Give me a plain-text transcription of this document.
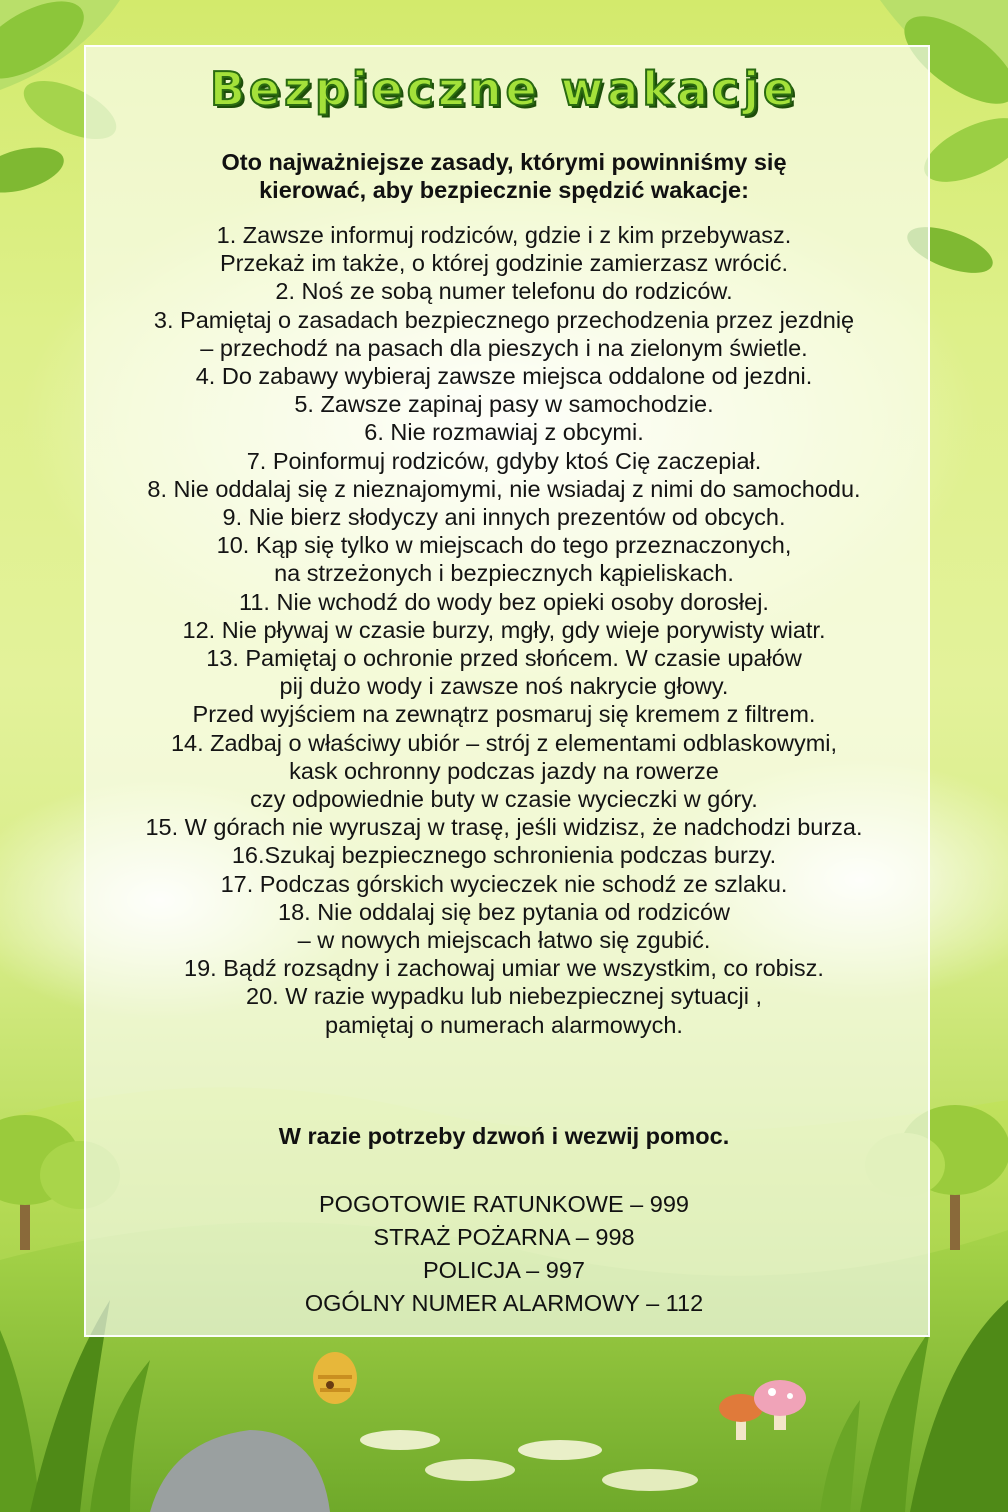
Bezpieczne wakacje
Oto najważniejsze zasady, którymi powinniśmy się
kierować, aby bezpiecznie spędzić wakacje:
1. Zawsze informuj rodziców, gdzie i z kim przebywasz.
Przekaż im także, o której godzinie zamierzasz wrócić.
2. Noś ze sobą numer telefonu do rodziców.
3. Pamiętaj o zasadach bezpiecznego przechodzenia przez jezdnię
– przechodź na pasach dla pieszych i na zielonym świetle.
4. Do zabawy wybieraj zawsze miejsca oddalone od jezdni.
5. Zawsze zapinaj pasy w samochodzie.
6. Nie rozmawiaj z obcymi.
7. Poinformuj rodziców, gdyby ktoś Cię zaczepiał.
8. Nie oddalaj się z nieznajomymi, nie wsiadaj z nimi do samochodu.
9. Nie bierz słodyczy ani innych prezentów od obcych.
10. Kąp się tylko w miejscach do tego przeznaczonych,
na strzeżonych i bezpiecznych kąpieliskach.
11. Nie wchodź do wody bez opieki osoby dorosłej.
12. Nie pływaj w czasie burzy, mgły, gdy wieje porywisty wiatr.
13. Pamiętaj o ochronie przed słońcem. W czasie upałów
pij dużo wody i zawsze noś nakrycie głowy.
Przed wyjściem na zewnątrz posmaruj się kremem z filtrem.
14. Zadbaj o właściwy ubiór – strój z elementami odblaskowymi,
kask ochronny podczas jazdy na rowerze
czy odpowiednie buty w czasie wycieczki w góry.
15. W górach nie wyruszaj w trasę, jeśli widzisz, że nadchodzi burza.
16.Szukaj bezpiecznego schronienia podczas burzy.
17. Podczas górskich wycieczek nie schodź ze szlaku.
18. Nie oddalaj się bez pytania od rodziców
– w nowych miejscach łatwo się zgubić.
19. Bądź rozsądny i zachowaj umiar we wszystkim, co robisz.
20. W razie wypadku lub niebezpiecznej sytuacji ,
pamiętaj o numerach alarmowych.
W razie potrzeby dzwoń i wezwij pomoc.
POGOTOWIE RATUNKOWE – 999
STRAŻ POŻARNA – 998
POLICJA – 997
OGÓLNY NUMER ALARMOWY – 112
